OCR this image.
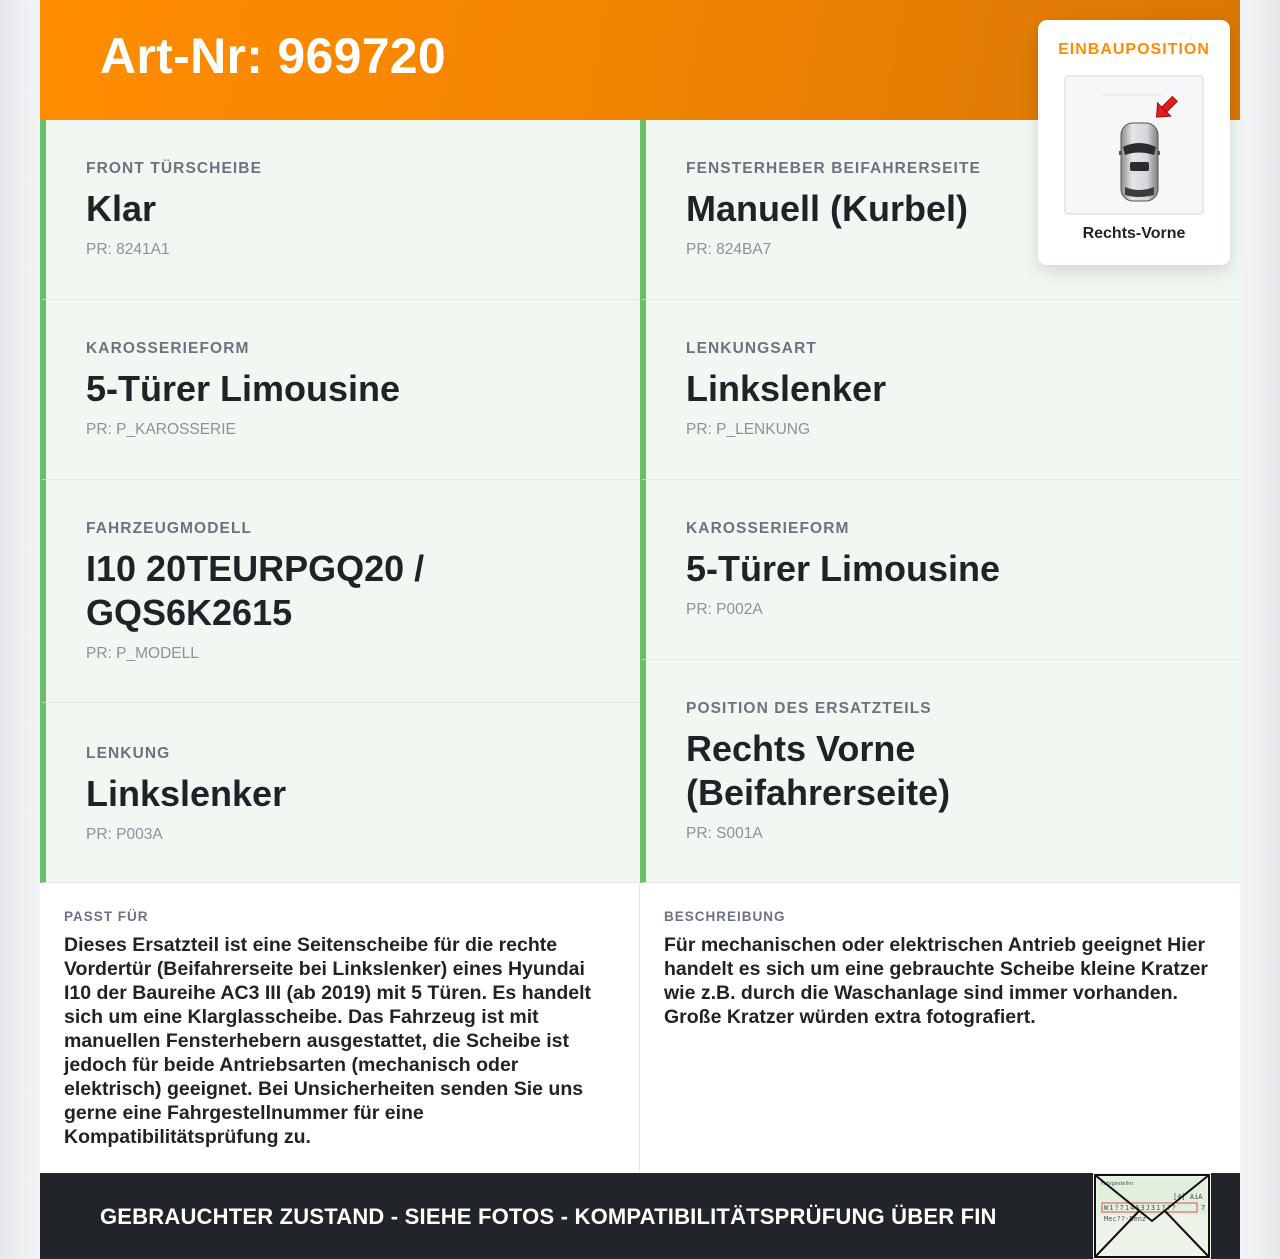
Art-Nr: 969720	EINBAUPOSITION
Rechts-Vorne
FRONT TÜRSCHEIBE
Klar
PR: 8241A1
KAROSSERIEFORM
5-Türer Limousine
PR: P_KAROSSERIE
FAHRZEUGMODELL
I10 20TEURPGQ20 / GQS6K2615
PR: P_MODELL
LENKUNG
Linkslenker
PR: P003A
FENSTERHEBER BEIFAHRERSEITE
Manuell (Kurbel)
PR: 824BA7
LENKUNGSART
Linkslenker
PR: P_LENKUNG
KAROSSERIEFORM
5-Türer Limousine
PR: P002A
POSITION DES ERSATZTEILS
Rechts Vorne (Beifahrerseite)
PR: S001A
PASST FÜR
Dieses Ersatzteil ist eine Seitenscheibe für die rechte Vordertür (Beifahrerseite bei Linkslenker) eines Hyundai I10 der Baureihe AC3 III (ab 2019) mit 5 Türen. Es handelt sich um eine Klarglasscheibe. Das Fahrzeug ist mit manuellen Fensterhebern ausgestattet, die Scheibe ist jedoch für beide Antriebsarten (mechanisch oder elektrisch) geeignet. Bei Unsicherheiten senden Sie uns gerne eine Fahrgestellnummer für eine Kompatibilitätsprüfung zu.
BESCHREIBUNG
Für mechanischen oder elektrischen Antrieb geeignet Hier handelt es sich um eine gebrauchte Scheibe kleine Kratzer wie z.B. durch die Waschanlage sind immer vorhanden. Große Kratzer würden extra fotografiert.
GEBRAUCHTER ZUSTAND - SIEHE FOTOS - KOMPATIBILITÄTSPRÜFUNG ÜBER FIN
Fahrgestellnr.
[4] AiA
W1?71463J31???	7
Mec??-Benz
